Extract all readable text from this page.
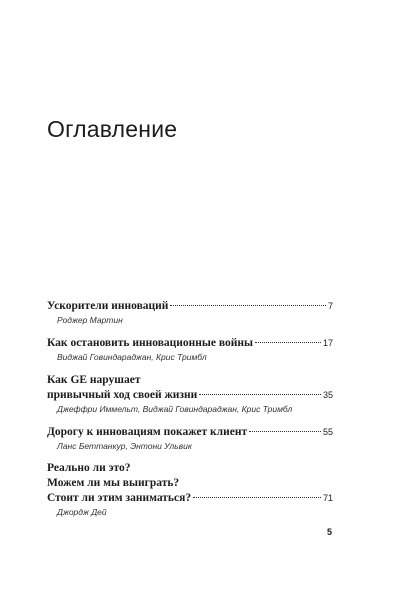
Оглавление
Ускорители инноваций	7
Роджер Мартин
Как остановить инновационные войны	17
Виджай Говиндараджан, Крис Тримбл
Как GE нарушает
привычный ход своей жизни	35
Джеффри Иммельт, Виджай Говиндараджан, Крис Тримбл
Дорогу к инновациям покажет клиент	55
Ланс Беттанкур, Энтони Ульвик
Реально ли это?
Можем ли мы выиграть?
Стоит ли этим заниматься?	71
Джордж Дей
5
